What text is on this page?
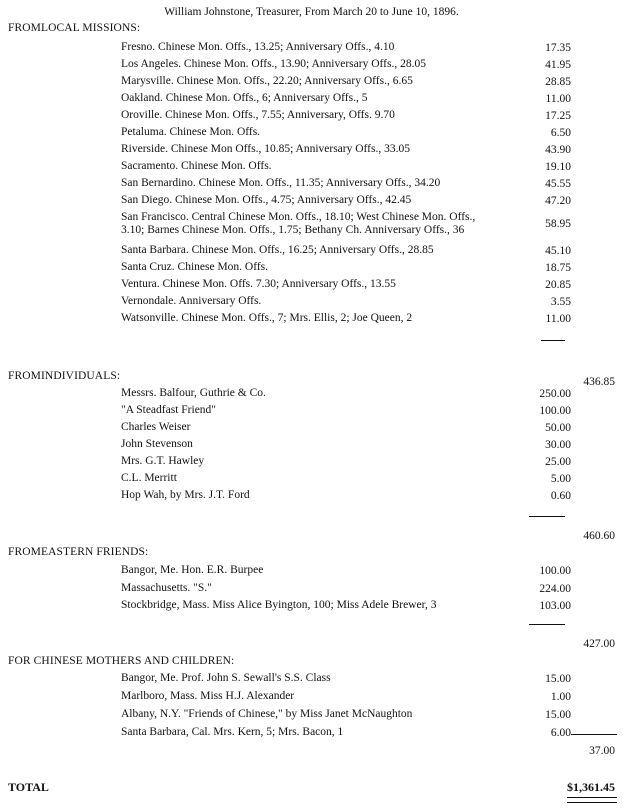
William Johnstone, Treasurer, From March 20 to June 10, 1896.
FROMLOCAL MISSIONS:
Fresno. Chinese Mon. Offs., 13.25; Anniversary Offs., 4.10	17.35
Los Angeles. Chinese Mon. Offs., 13.90; Anniversary Offs., 28.05	41.95
Marysville. Chinese Mon. Offs., 22.20; Anniversary Offs., 6.65	28.85
Oakland. Chinese Mon. Offs., 6; Anniversary Offs., 5	11.00
Oroville. Chinese Mon. Offs., 7.55; Anniversary, Offs. 9.70	17.25
Petaluma. Chinese Mon. Offs.	6.50
Riverside. Chinese Mon Offs., 10.85; Anniversary Offs., 33.05	43.90
Sacramento. Chinese Mon. Offs.	19.10
San Bernardino. Chinese Mon. Offs., 11.35; Anniversary Offs., 34.20	45.55
San Diego. Chinese Mon. Offs., 4.75; Anniversary Offs., 42.45	47.20
San Francisco. Central Chinese Mon. Offs., 18.10; West Chinese Mon. Offs., 3.10; Barnes Chinese Mon. Offs., 1.75; Bethany Ch. Anniversary Offs., 36	58.95
Santa Barbara. Chinese Mon. Offs., 16.25; Anniversary Offs., 28.85	45.10
Santa Cruz. Chinese Mon. Offs.	18.75
Ventura. Chinese Mon. Offs. 7.30; Anniversary Offs., 13.55	20.85
Vernondale. Anniversary Offs.	3.55
Watsonville. Chinese Mon. Offs., 7; Mrs. Ellis, 2; Joe Queen, 2	11.00
436.85
FROMINDIVIDUALS:
Messrs. Balfour, Guthrie & Co.	250.00
"A Steadfast Friend"	100.00
Charles Weiser	50.00
John Stevenson	30.00
Mrs. G.T. Hawley	25.00
C.L. Merritt	5.00
Hop Wah, by Mrs. J.T. Ford	0.60
460.60
FROMEASTERN FRIENDS:
Bangor, Me. Hon. E.R. Burpee	100.00
Massachusetts. "S."	224.00
Stockbridge, Mass. Miss Alice Byington, 100; Miss Adele Brewer, 3	103.00
427.00
FOR CHINESE MOTHERS AND CHILDREN:
Bangor, Me. Prof. John S. Sewall's S.S. Class	15.00
Marlboro, Mass. Miss H.J. Alexander	1.00
Albany, N.Y. "Friends of Chinese," by Miss Janet McNaughton	15.00
Santa Barbara, Cal. Mrs. Kern, 5; Mrs. Bacon, 1	6.00
37.00
TOTAL	$1,361.45
